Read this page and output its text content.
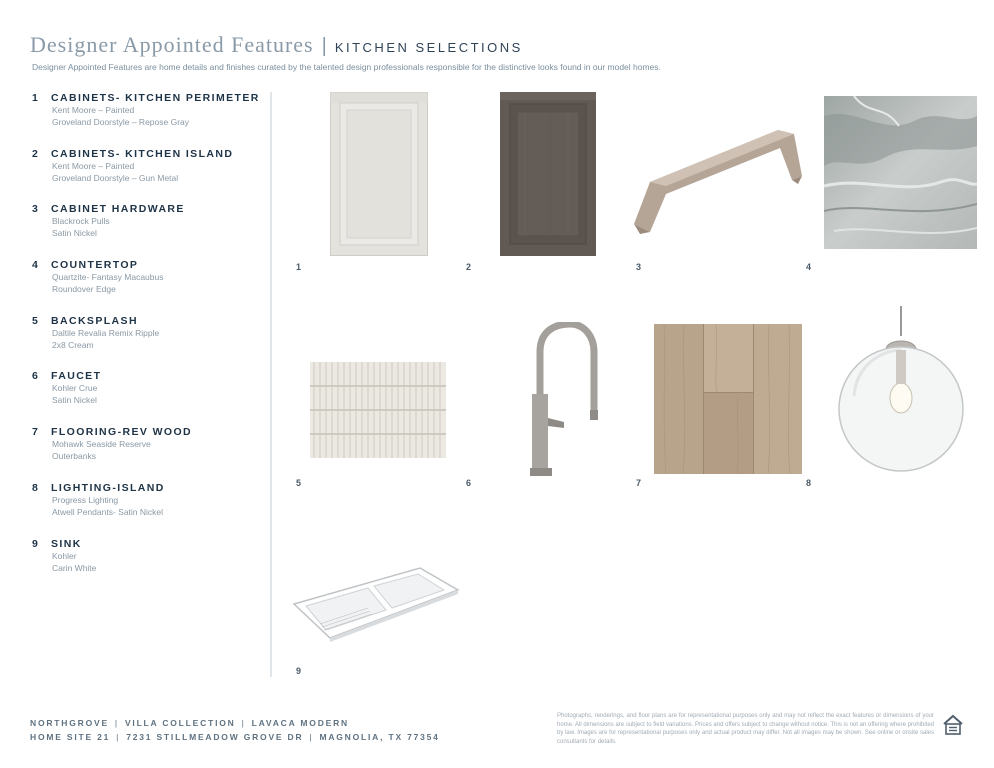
Designer Appointed Features | KITCHEN SELECTIONS
Designer Appointed Features are home details and finishes curated by the talented design professionals responsible for the distinctive looks found in our model homes.
1 CABINETS- KITCHEN PERIMETER
Kent Moore – Painted
Groveland Doorstyle – Repose Gray
2 CABINETS- KITCHEN ISLAND
Kent Moore – Painted
Groveland Doorstyle – Gun Metal
3 CABINET HARDWARE
Blackrock Pulls
Satin Nickel
4 COUNTERTOP
Quartzite- Fantasy Macaubus
Roundover Edge
5 BACKSPLASH
Daltile Revalia Remix Ripple
2x8 Cream
6 FAUCET
Kohler Crue
Satin Nickel
7 FLOORING-REV WOOD
Mohawk Seaside Reserve
Outerbanks
8 LIGHTING-ISLAND
Progress Lighting
Atwell Pendants- Satin Nickel
9 SINK
Kohler
Carin White
1	2	3	4
5	6	7	8
9
NORTHGROVE | VILLA COLLECTION | LAVACA MODERN
HOME SITE 21 | 7231 STILLMEADOW GROVE DR | MAGNOLIA, TX 77354
Photographs, renderings, and floor plans are for representational purposes only and may not reflect the exact features or dimensions of your home. All dimensions are subject to field variations. Prices and offers subject to change without notice. This is not an offering where prohibited by law. Images are for representational purposes only and actual product may differ. Not all images may be shown. See online or onsite sales consultants for details.
